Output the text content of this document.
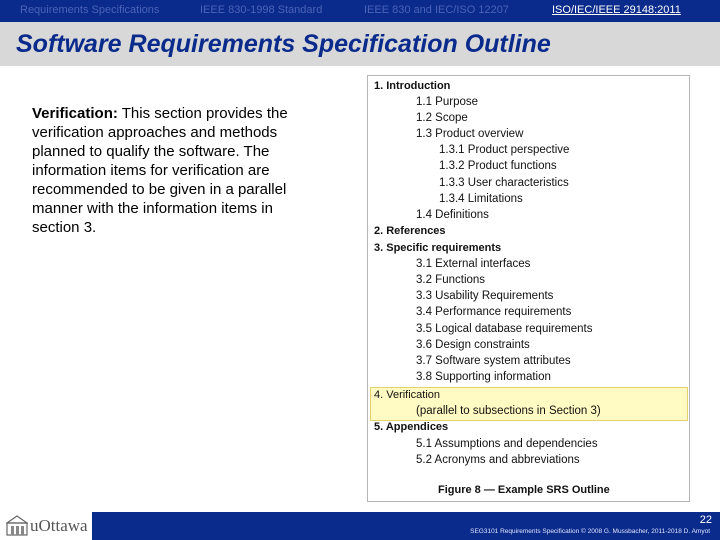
Requirements Specifications	IEEE 830-1998 Standard	IEEE 830 and IEC/ISO 12207	ISO/IEC/IEEE 29148:2011
Software Requirements Specification Outline
Verification: This section provides the verification approaches and methods planned to qualify the software. The information items for verification are recommended to be given in a parallel manner with the information items in section 3.
1. Introduction
1.1 Purpose
1.2 Scope
1.3 Product overview
1.3.1 Product perspective
1.3.2 Product functions
1.3.3 User characteristics
1.3.4 Limitations
1.4 Definitions
2. References
3. Specific requirements
3.1 External interfaces
3.2 Functions
3.3 Usability Requirements
3.4 Performance requirements
3.5 Logical database requirements
3.6 Design constraints
3.7 Software system attributes
3.8 Supporting information
4. Verification
(parallel to subsections in Section 3)
5. Appendices
5.1 Assumptions and dependencies
5.2 Acronyms and abbreviations
Figure 8 — Example SRS Outline
uOttawa	22
SEG3101 Requirements Specification © 2008 G. Mussbacher, 2011-2018 D. Amyot
